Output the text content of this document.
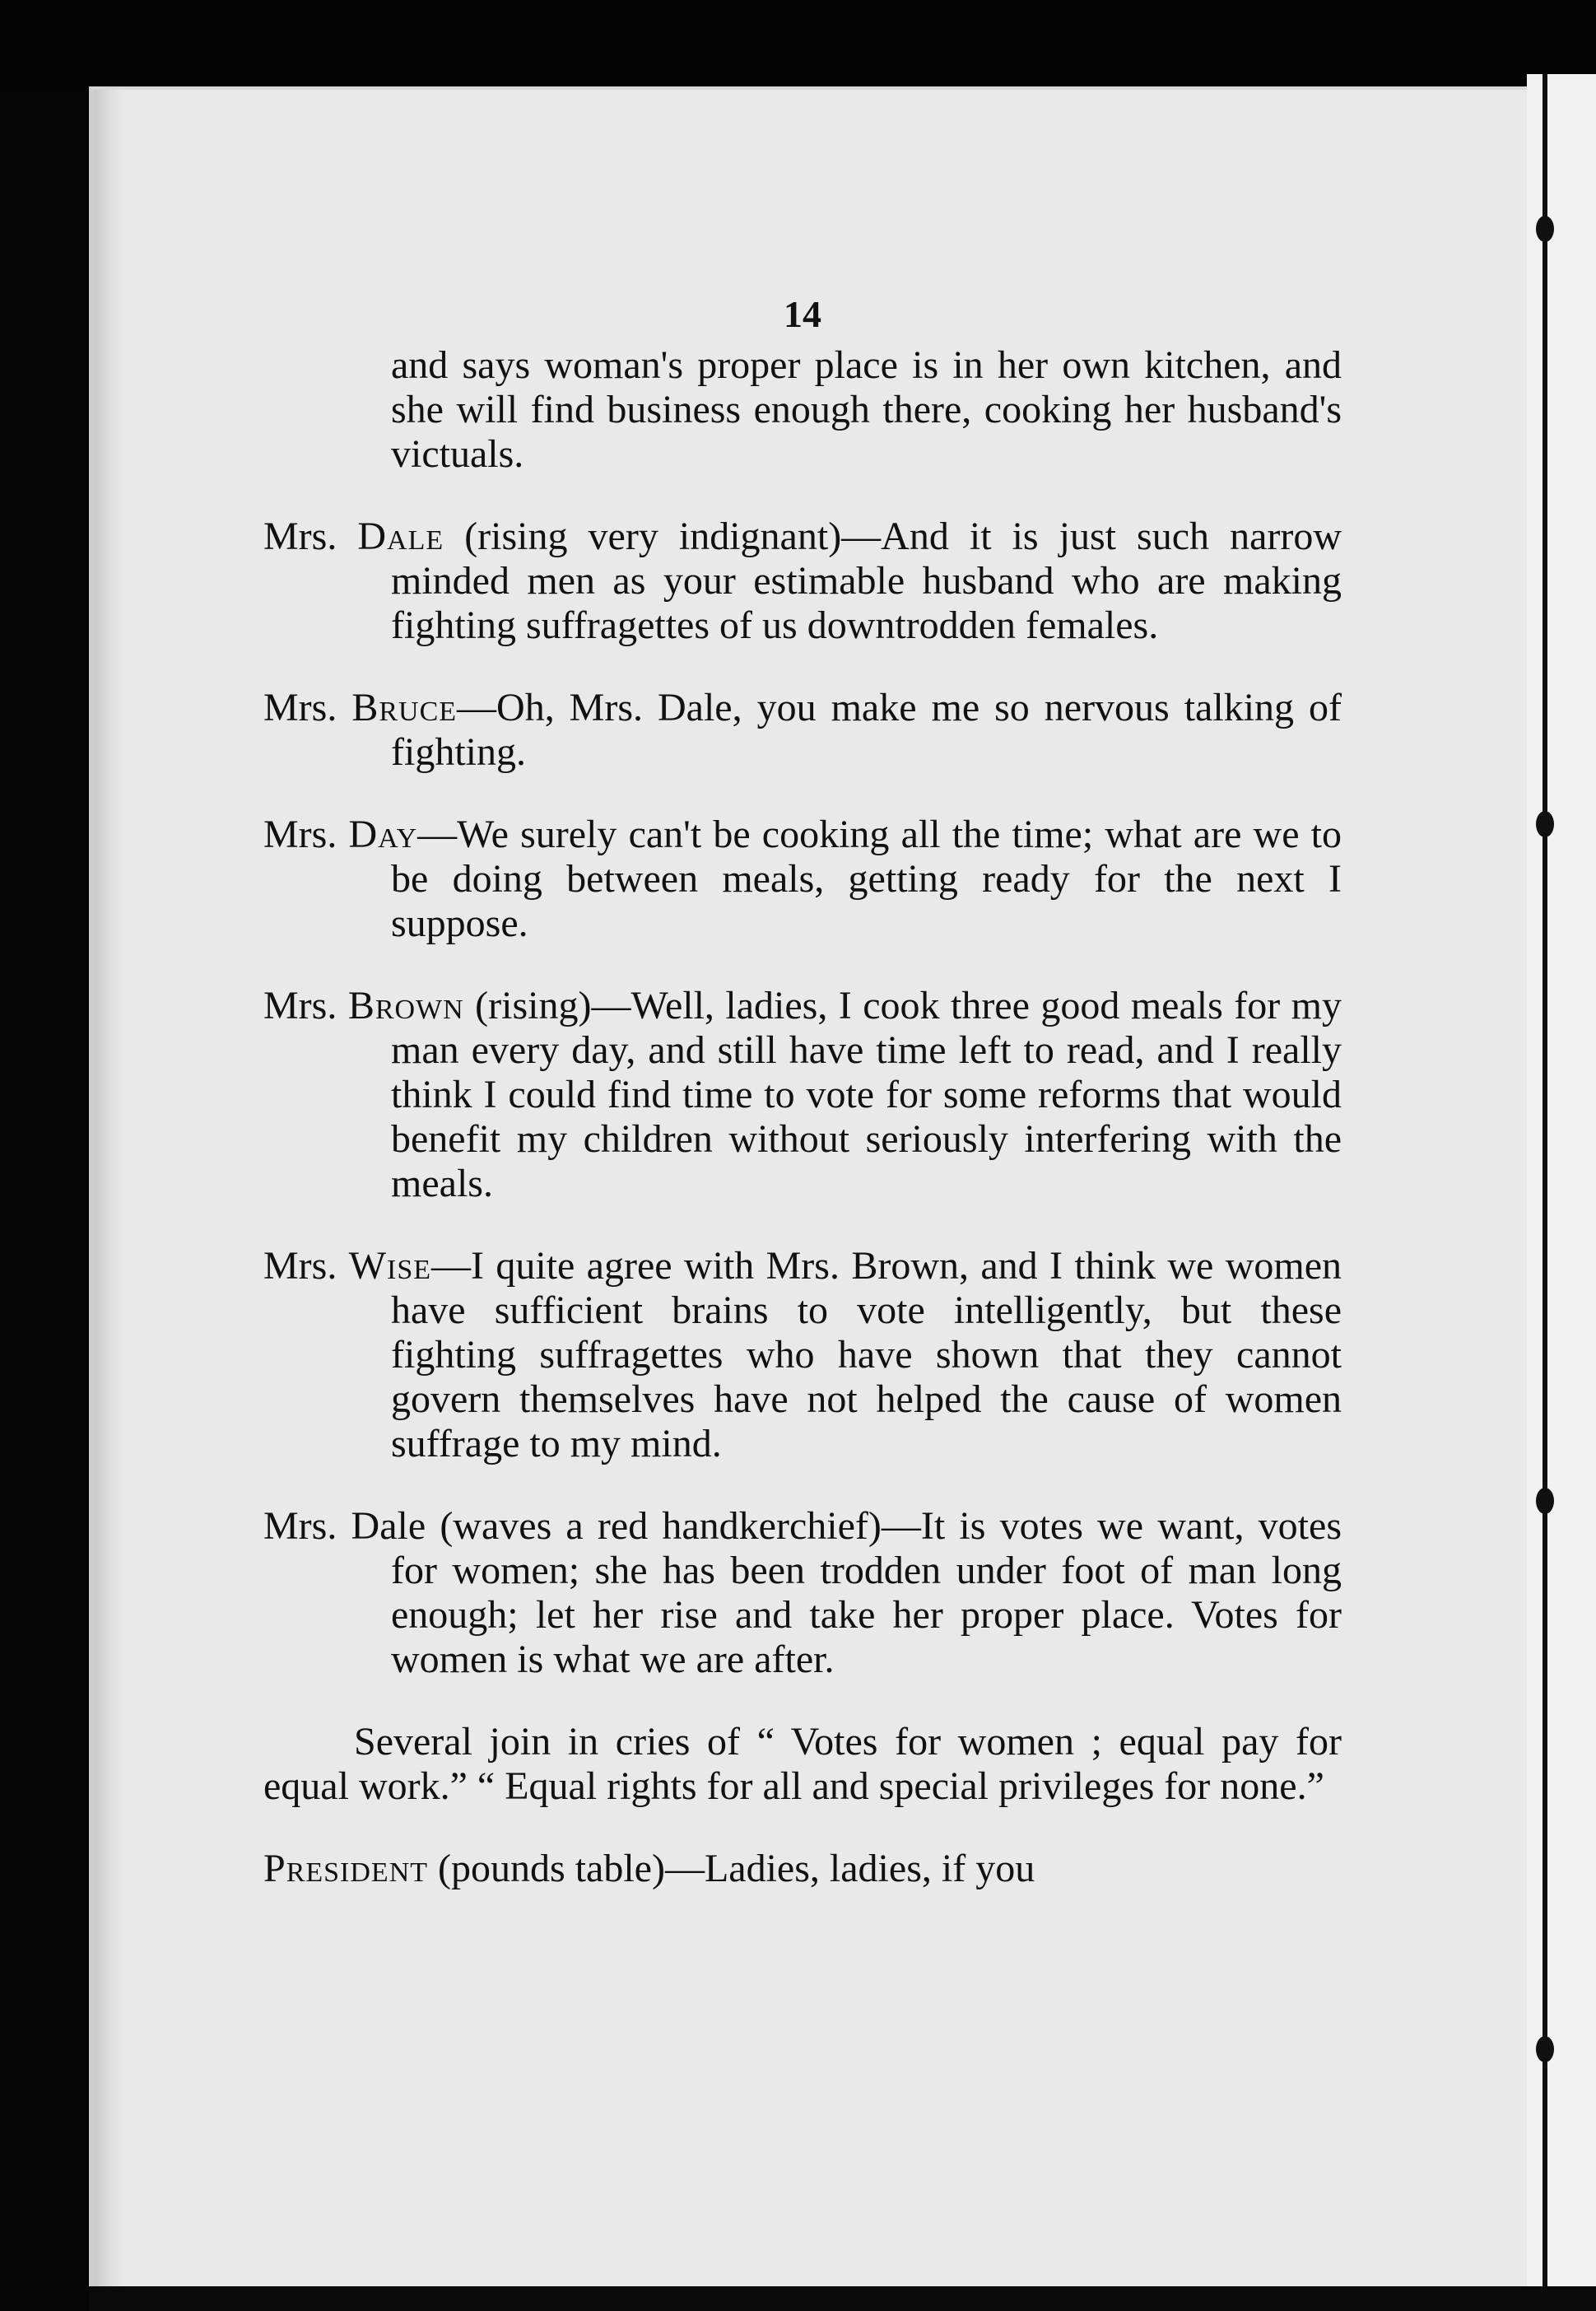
14

and says woman's proper place is in her own kitchen, and she will find business enough there, cooking her husband's victuals.

Mrs. Dale (rising very indignant)—And it is just such narrow minded men as your estimable husband who are making fighting suffragettes of us downtrodden females.

Mrs. Bruce—Oh, Mrs. Dale, you make me so nervous talking of fighting.

Mrs. Day—We surely can't be cooking all the time; what are we to be doing between meals, getting ready for the next I suppose.

Mrs. Brown (rising)—Well, ladies, I cook three good meals for my man every day, and still have time left to read, and I really think I could find time to vote for some reforms that would benefit my children without seriously interfering with the meals.

Mrs. Wise—I quite agree with Mrs. Brown, and I think we women have sufficient brains to vote intelligently, but these fighting suffragettes who have shown that they cannot govern themselves have not helped the cause of women suffrage to my mind.

Mrs. Dale (waves a red handkerchief)—It is votes we want, votes for women; she has been trodden under foot of man long enough; let her rise and take her proper place. Votes for women is what we are after.

Several join in cries of “ Votes for women ; equal pay for equal work.” “ Equal rights for all and special privileges for none.”

President (pounds table)—Ladies, ladies, if you
